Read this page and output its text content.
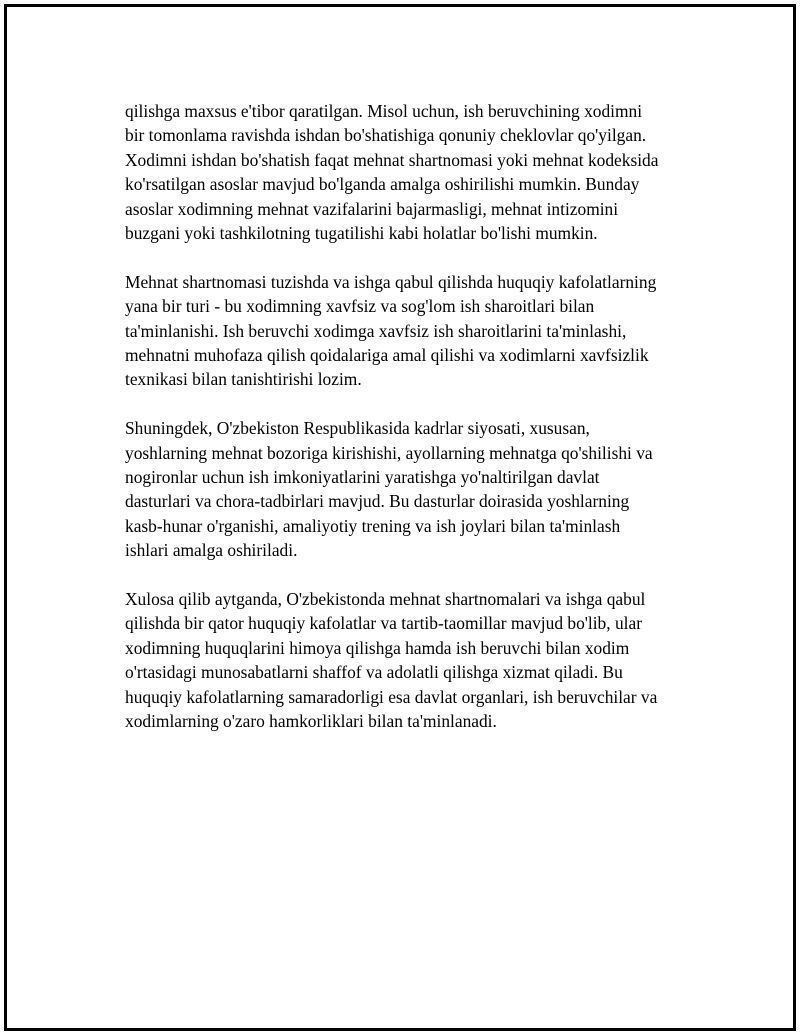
qilishga maxsus e'tibor qaratilgan. Misol uchun, ish beruvchining xodimni
bir tomonlama ravishda ishdan bo'shatishiga qonuniy cheklovlar qo'yilgan.
Xodimni ishdan bo'shatish faqat mehnat shartnomasi yoki mehnat kodeksida
ko'rsatilgan asoslar mavjud bo'lganda amalga oshirilishi mumkin. Bunday
asoslar xodimning mehnat vazifalarini bajarmasligi, mehnat intizomini
buzgani yoki tashkilotning tugatilishi kabi holatlar bo'lishi mumkin.

Mehnat shartnomasi tuzishda va ishga qabul qilishda huquqiy kafolatlarning
yana bir turi - bu xodimning xavfsiz va sog'lom ish sharoitlari bilan
ta'minlanishi. Ish beruvchi xodimga xavfsiz ish sharoitlarini ta'minlashi,
mehnatni muhofaza qilish qoidalariga amal qilishi va xodimlarni xavfsizlik
texnikasi bilan tanishtirishi lozim.

Shuningdek, O'zbekiston Respublikasida kadrlar siyosati, xususan,
yoshlarning mehnat bozoriga kirishishi, ayollarning mehnatga qo'shilishi va
nogironlar uchun ish imkoniyatlarini yaratishga yo'naltirilgan davlat
dasturlari va chora-tadbirlari mavjud. Bu dasturlar doirasida yoshlarning
kasb-hunar o'rganishi, amaliyotiy trening va ish joylari bilan ta'minlash
ishlari amalga oshiriladi.

Xulosa qilib aytganda, O'zbekistonda mehnat shartnomalari va ishga qabul
qilishda bir qator huquqiy kafolatlar va tartib-taomillar mavjud bo'lib, ular
xodimning huquqlarini himoya qilishga hamda ish beruvchi bilan xodim
o'rtasidagi munosabatlarni shaffof va adolatli qilishga xizmat qiladi. Bu
huquqiy kafolatlarning samaradorligi esa davlat organlari, ish beruvchilar va
xodimlarning o'zaro hamkorliklari bilan ta'minlanadi.
